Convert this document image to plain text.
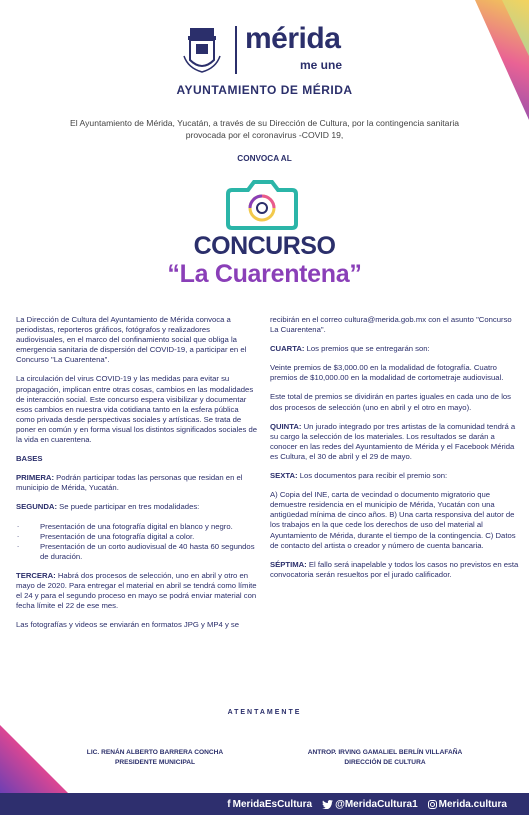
mérida
me une
AYUNTAMIENTO DE MÉRIDA
El Ayuntamiento de Mérida, Yucatán, a través de su Dirección de Cultura, por la contingencia sanitaria provocada por el coronavirus -COVID 19,
CONVOCA AL
CONCURSO
“La Cuarentena”

La Dirección de Cultura del Ayuntamiento de Mérida convoca a periodistas, reporteros gráficos, fotógrafos y realizadores audiovisuales, en el marco del confinamiento social que obliga la emergencia sanitaria de dispersión del COVID-19, a participar en el Concurso "La Cuarentena".

La circulación del virus COVID-19 y las medidas para evitar su propagación, implican entre otras cosas, cambios en las modalidades de interacción social. Este concurso espera visibilizar y documentar esos cambios en nuestra vida cotidiana tanto en la esfera pública como privada desde perspectivas sociales y artísticas. Se trata de poner en común y en forma visual los distintos significados sociales de la vida en cuarentena.

BASES

PRIMERA: Podrán participar todas las personas que residan en el municipio de Mérida, Yucatán.

SEGUNDA: Se puede participar en tres modalidades:

. Presentación de una fotografía digital en blanco y negro.
. Presentación de una fotografía digital a color.
. Presentación de un corto audiovisual de 40 hasta 60 segundos de duración.

TERCERA: Habrá dos procesos de selección, uno en abril y otro en mayo de 2020. Para entregar el material en abril se tendrá como límite el 24 y para el segundo proceso en mayo se podrá enviar material con fecha límite el 22 de ese mes.

Las fotografías y videos se enviarán en formatos JPG y MP4 y se

recibirán en el correo cultura@merida.gob.mx con el asunto "Concurso La Cuarentena".

CUARTA: Los premios que se entregarán son:

Veinte premios de $3,000.00 en la modalidad de fotografía. Cuatro premios de $10,000.00 en la modalidad de cortometraje audiovisual.

Este total de premios se dividirán en partes iguales en cada uno de los dos procesos de selección (uno en abril y el otro en mayo).

QUINTA: Un jurado integrado por tres artistas de la comunidad tendrá a su cargo la selección de los materiales. Los resultados se darán a conocer en las redes del Ayuntamiento de Mérida y el Facebook Mérida es Cultura, el 30 de abril y el 29 de mayo.

SEXTA: Los documentos para recibir el premio son:

A) Copia del INE, carta de vecindad o documento migratorio que demuestre residencia en el municipio de Mérida, Yucatán con una antigüedad mínima de cinco años. B) Una carta responsiva del autor de los trabajos en la que cede los derechos de uso del material al Ayuntamiento de Mérida, durante el tiempo de la contingencia. C) Datos de contacto del artista o creador y número de cuenta bancaria.

SÉPTIMA: El fallo será inapelable y todos los casos no previstos en esta convocatoria serán resueltos por el jurado calificador.

ATENTAMENTE
LIC. RENÁN ALBERTO BARRERA CONCHA
PRESIDENTE MUNICIPAL
ANTROP. IRVING GAMALIEL BERLÍN VILLAFAÑA
DIRECCIÓN DE CULTURA
f MeridaEsCultura @MeridaCultura1 Merida.cultura
